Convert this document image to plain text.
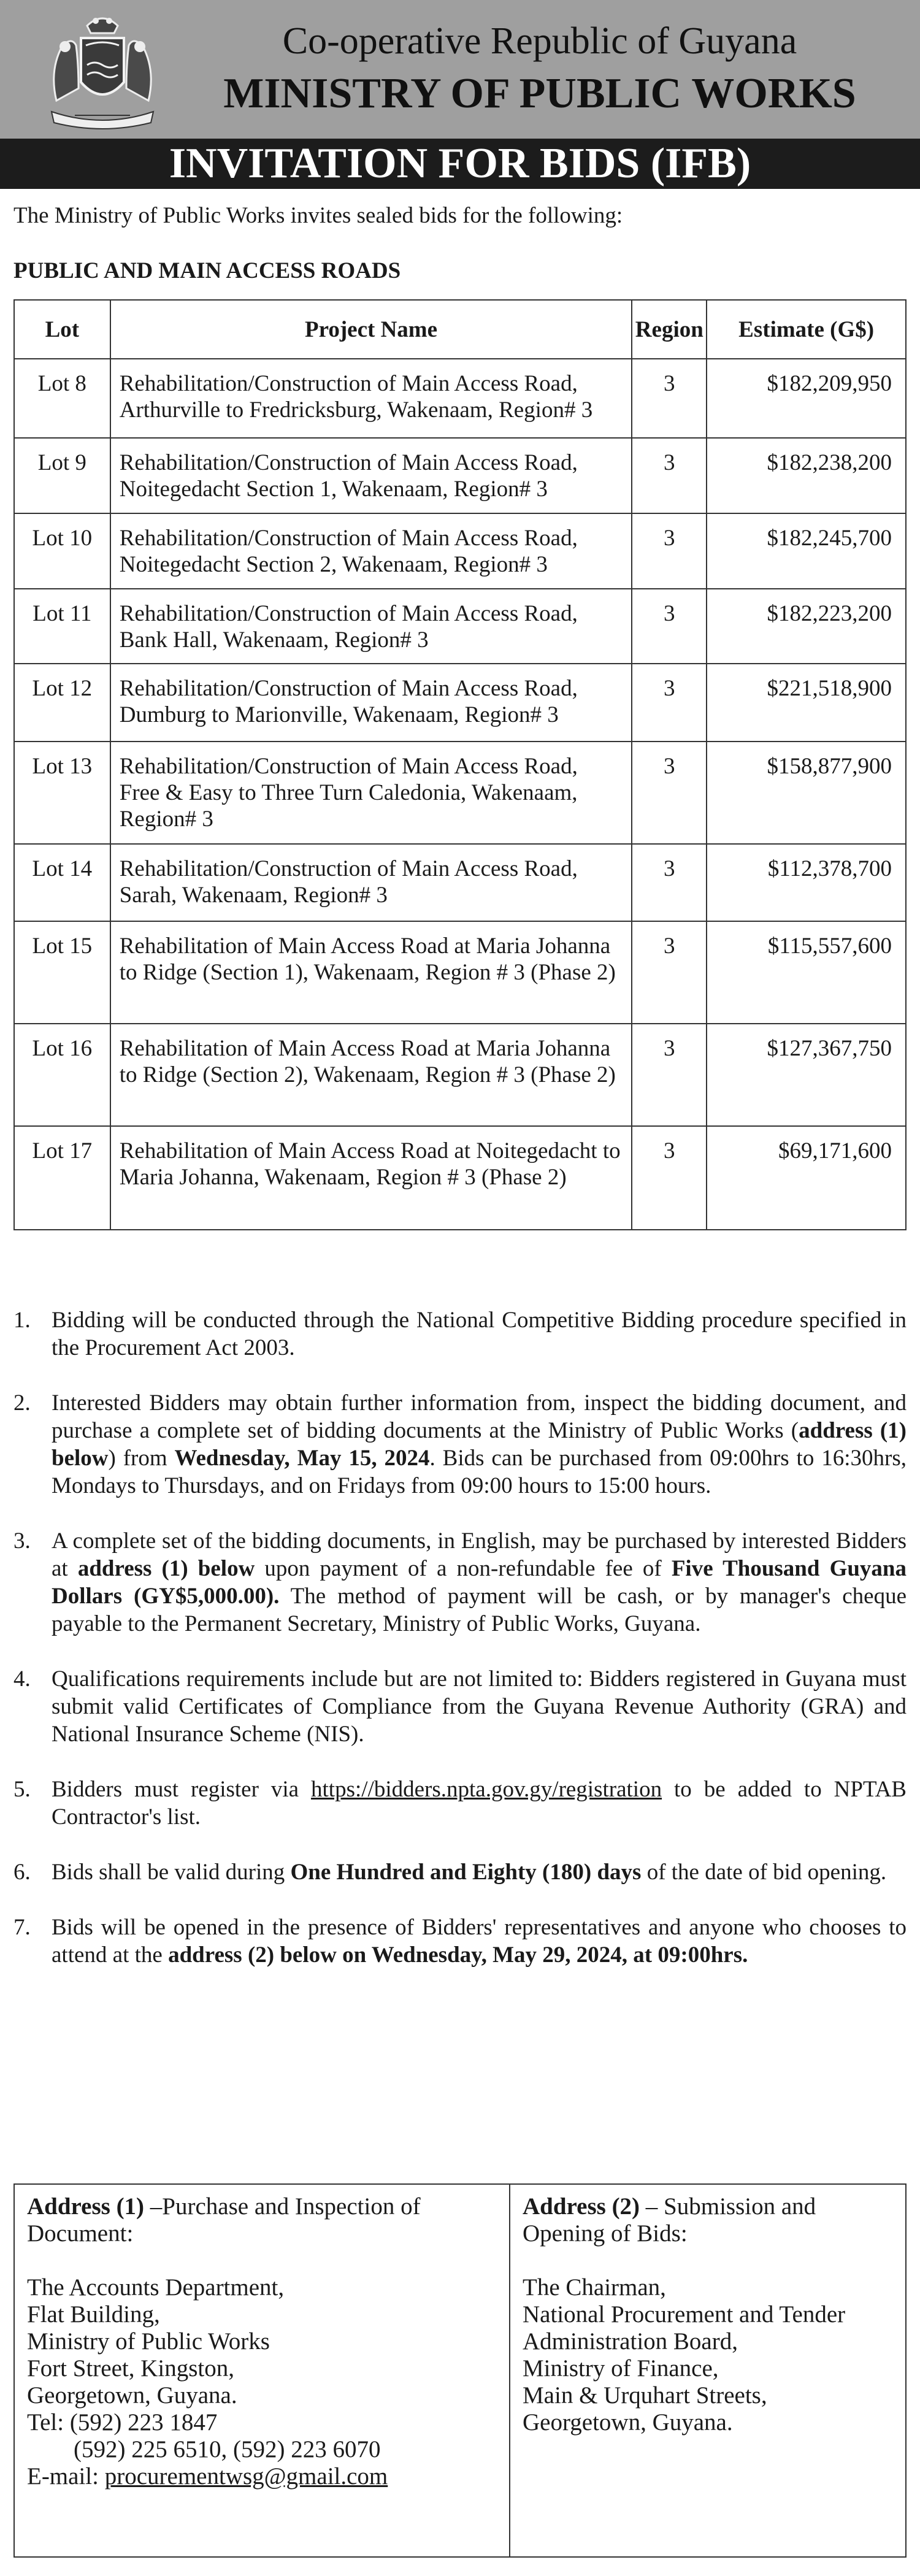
Co-operative Republic of Guyana
MINISTRY OF PUBLIC WORKS
INVITATION FOR BIDS (IFB)
The Ministry of Public Works invites sealed bids for the following:
PUBLIC AND MAIN ACCESS ROADS
Lot	Project Name	Region	Estimate (G$)
Lot 8	Rehabilitation/Construction of Main Access Road, Arthurville to Fredricksburg, Wakenaam, Region# 3	3	$182,209,950
Lot 9	Rehabilitation/Construction of Main Access Road, Noitegedacht Section 1, Wakenaam, Region# 3	3	$182,238,200
Lot 10	Rehabilitation/Construction of Main Access Road, Noitegedacht Section 2, Wakenaam, Region# 3	3	$182,245,700
Lot 11	Rehabilitation/Construction of Main Access Road, Bank Hall, Wakenaam, Region# 3	3	$182,223,200
Lot 12	Rehabilitation/Construction of Main Access Road, Dumburg to Marionville, Wakenaam, Region# 3	3	$221,518,900
Lot 13	Rehabilitation/Construction of Main Access Road, Free & Easy to Three Turn Caledonia, Wakenaam, Region# 3	3	$158,877,900
Lot 14	Rehabilitation/Construction of Main Access Road, Sarah, Wakenaam, Region# 3	3	$112,378,700
Lot 15	Rehabilitation of Main Access Road at Maria Johanna to Ridge (Section 1), Wakenaam, Region # 3 (Phase 2)	3	$115,557,600
Lot 16	Rehabilitation of Main Access Road at Maria Johanna to Ridge (Section 2), Wakenaam, Region # 3 (Phase 2)	3	$127,367,750
Lot 17	Rehabilitation of Main Access Road at Noitegedacht to Maria Johanna, Wakenaam, Region # 3 (Phase 2)	3	$69,171,600
1. Bidding will be conducted through the National Competitive Bidding procedure specified in the Procurement Act 2003.
2. Interested Bidders may obtain further information from, inspect the bidding document, and purchase a complete set of bidding documents at the Ministry of Public Works (address (1) below) from Wednesday, May 15, 2024. Bids can be purchased from 09:00hrs to 16:30hrs, Mondays to Thursdays, and on Fridays from 09:00 hours to 15:00 hours.
3. A complete set of the bidding documents, in English, may be purchased by interested Bidders at address (1) below upon payment of a non-refundable fee of Five Thousand Guyana Dollars (GY$5,000.00). The method of payment will be cash, or by manager's cheque payable to the Permanent Secretary, Ministry of Public Works, Guyana.
4. Qualifications requirements include but are not limited to: Bidders registered in Guyana must submit valid Certificates of Compliance from the Guyana Revenue Authority (GRA) and National Insurance Scheme (NIS).
5. Bidders must register via https://bidders.npta.gov.gy/registration to be added to NPTAB Contractor's list.
6. Bids shall be valid during One Hundred and Eighty (180) days of the date of bid opening.
7. Bids will be opened in the presence of Bidders' representatives and anyone who chooses to attend at the address (2) below on Wednesday, May 29, 2024, at 09:00hrs.
Address (1) –Purchase and Inspection of Document:
The Accounts Department,
Flat Building,
Ministry of Public Works
Fort Street, Kingston,
Georgetown, Guyana.
Tel: (592) 223 1847
(592) 225 6510, (592) 223 6070
E-mail: procurementwsg@gmail.com
Address (2) – Submission and Opening of Bids:
The Chairman,
National Procurement and Tender
Administration Board,
Ministry of Finance,
Main & Urquhart Streets,
Georgetown, Guyana.
